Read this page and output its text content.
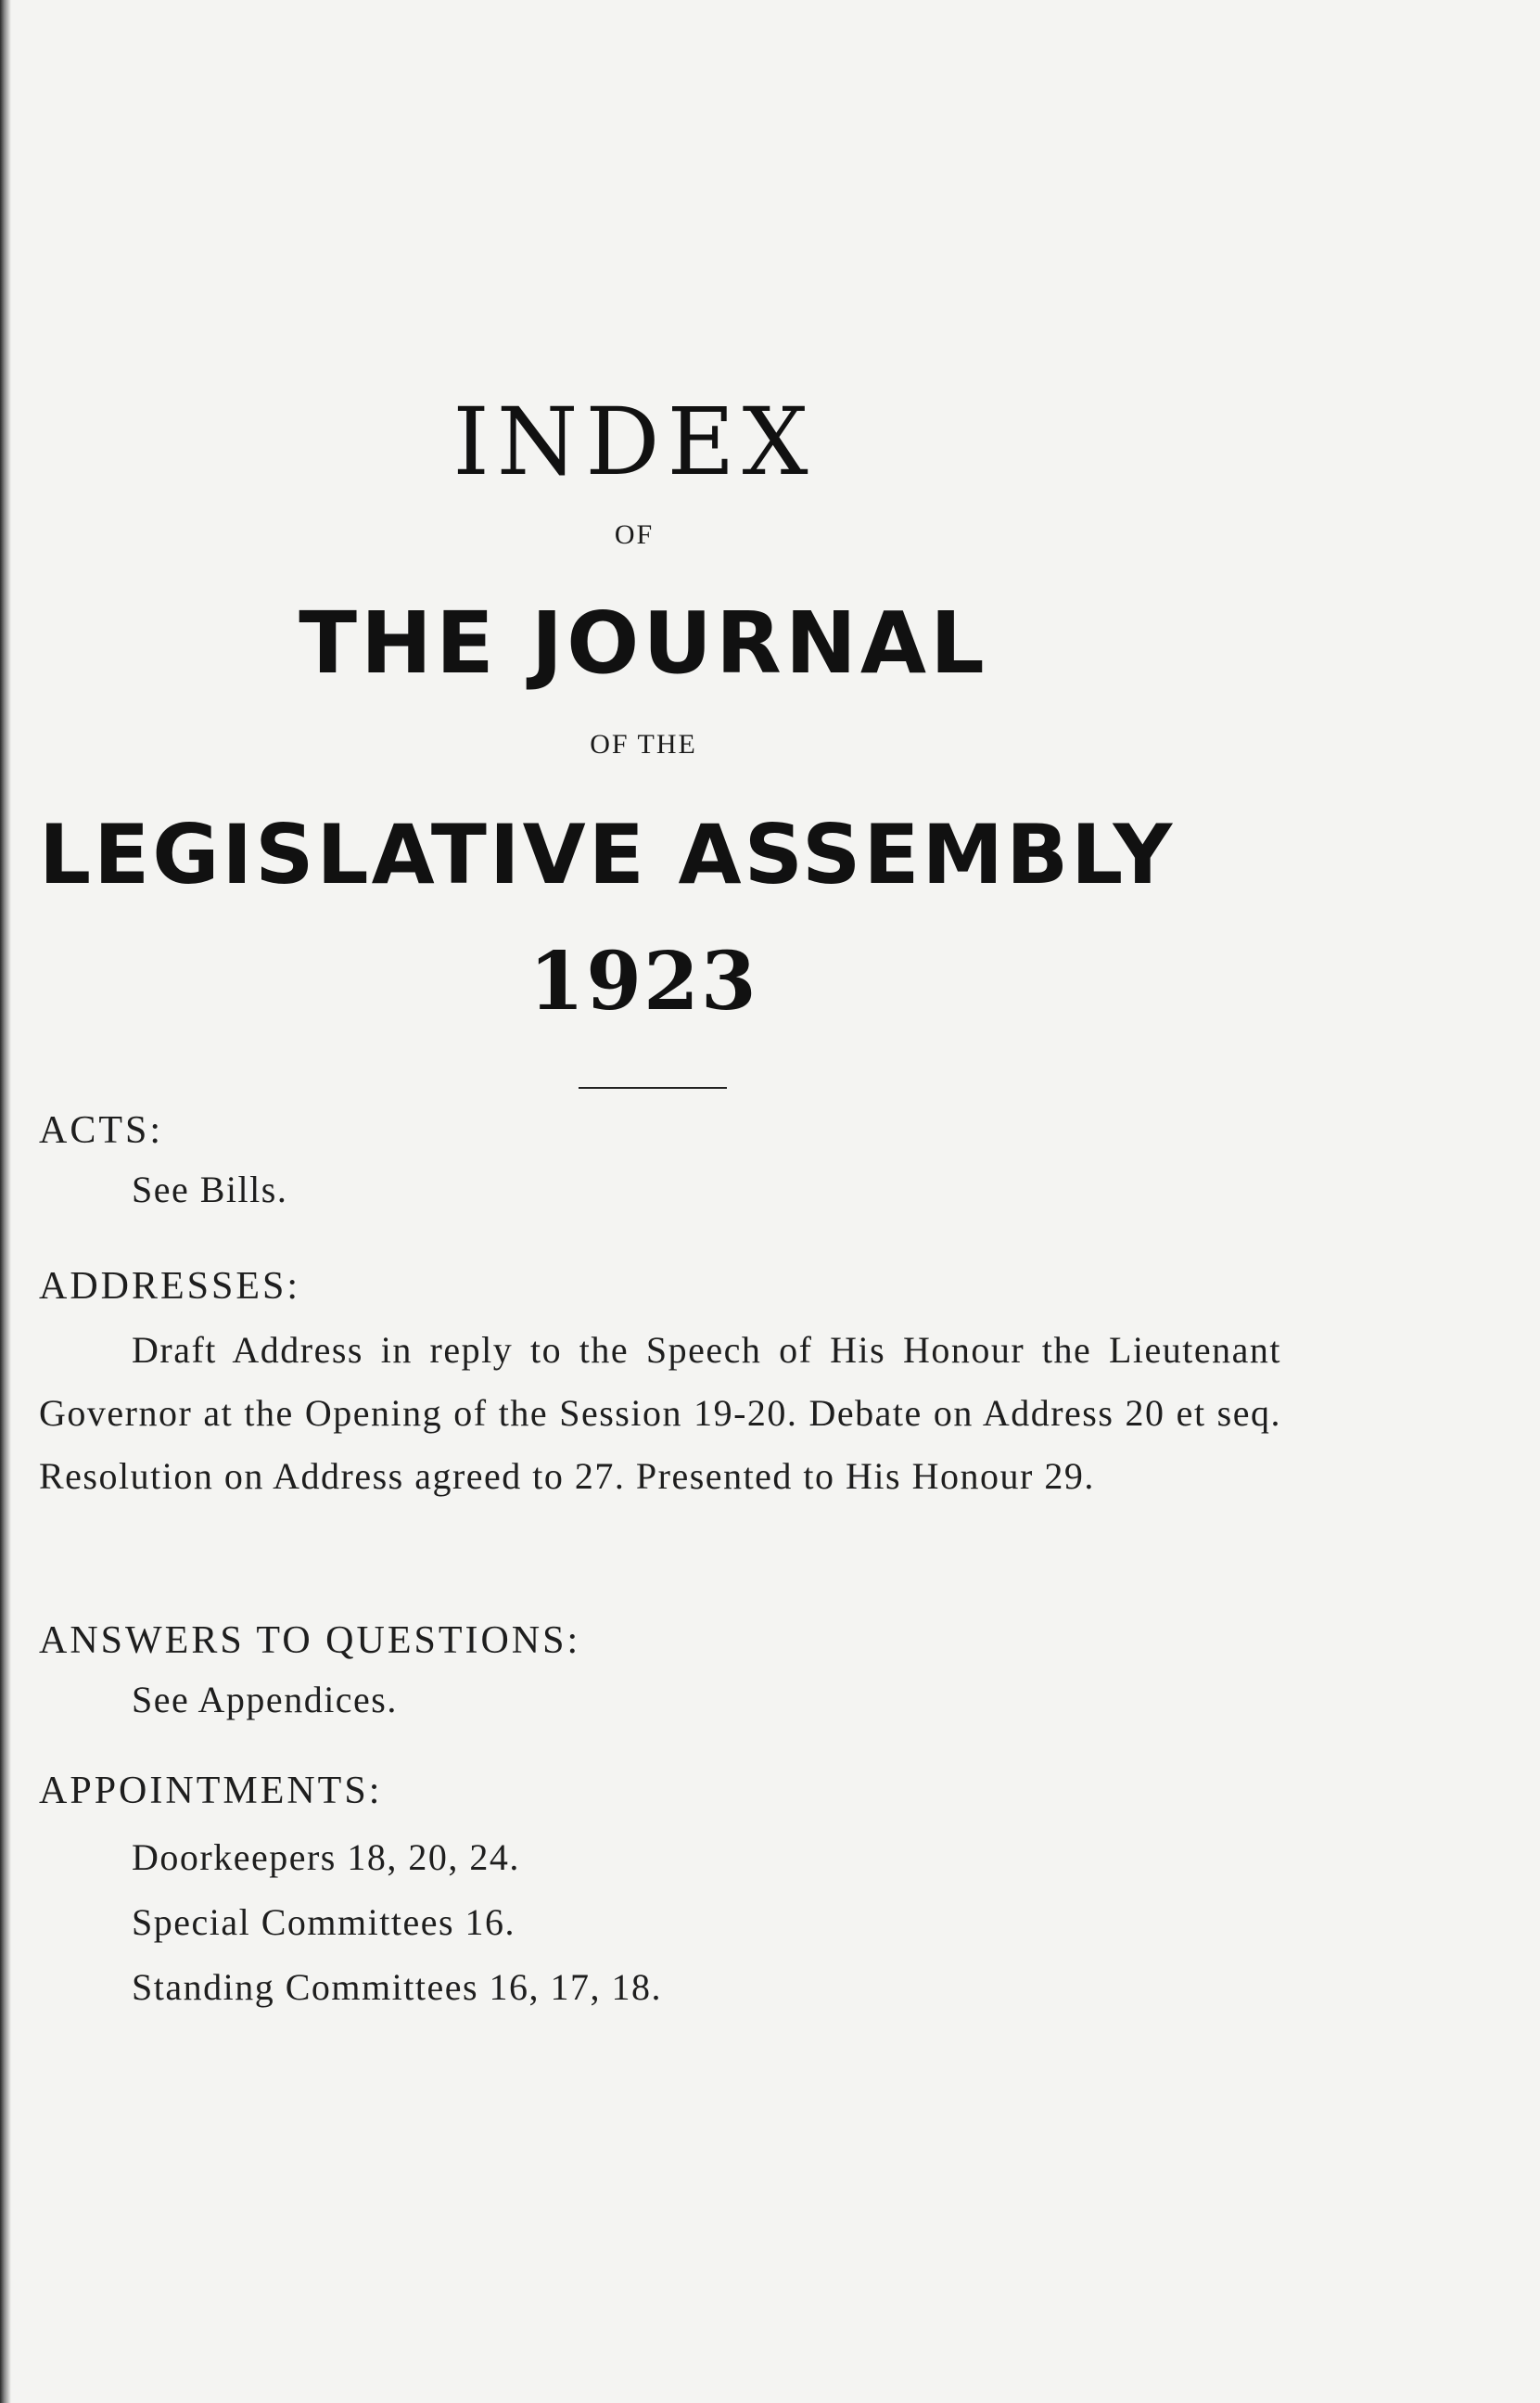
INDEX
OF
THE JOURNAL
OF THE
LEGISLATIVE ASSEMBLY
1923
ACTS:
See Bills.
ADDRESSES:
Draft Address in reply to the Speech of His Honour the Lieutenant Governor at the Opening of the Session 19-20. Debate on Address 20 et seq. Resolution on Address agreed to 27. Presented to His Honour 29.
ANSWERS TO QUESTIONS:
See Appendices.
APPOINTMENTS:
Doorkeepers 18, 20, 24.
Special Committees 16.
Standing Committees 16, 17, 18.
